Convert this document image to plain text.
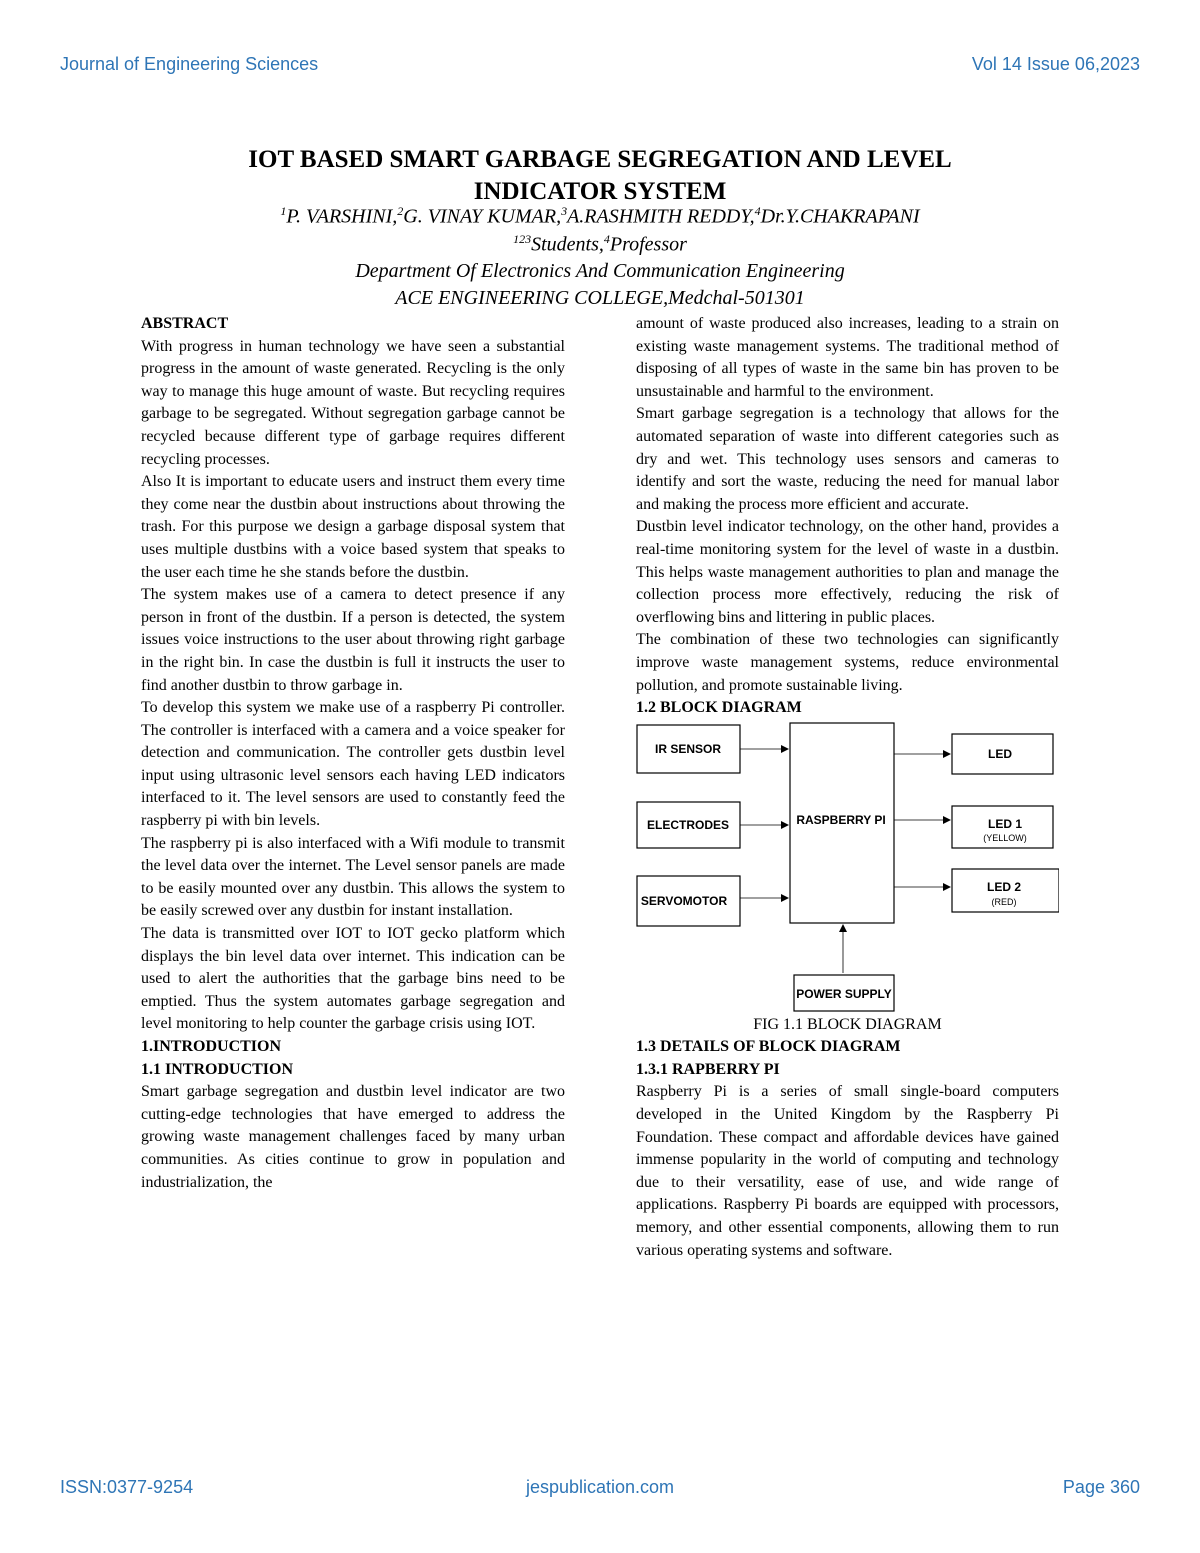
Journal of Engineering Sciences	Vol 14 Issue 06,2023
IOT BASED SMART GARBAGE SEGREGATION AND LEVEL
INDICATOR SYSTEM
$^1$P. VARSHINI,$^2$G. VINAY KUMAR,$^3$A.RASHMITH REDDY,$^4$Dr.Y.CHAKRAPANI
$^{123}$Students,$^4$Professor
Department Of Electronics And Communication Engineering
ACE ENGINEERING COLLEGE,Medchal-501301
ABSTRACT

With progress in human technology we have seen a substantial progress in the amount of waste generated. Recycling is the only way to manage this huge amount of waste. But recycling requires garbage to be segregated. Without segregation garbage cannot be recycled because different type of garbage requires different recycling processes.

Also It is important to educate users and instruct them every time they come near the dustbin about instructions about throwing the trash. For this purpose we design a garbage disposal system that uses multiple dustbins with a voice based system that speaks to the user each time he she stands before the dustbin.

The system makes use of a camera to detect presence if any person in front of the dustbin. If a person is detected, the system issues voice instructions to the user about throwing right garbage in the right bin. In case the dustbin is full it instructs the user to find another dustbin to throw garbage in.

To develop this system we make use of a raspberry Pi controller. The controller is interfaced with a camera and a voice speaker for detection and communication. The controller gets dustbin level input using ultrasonic level sensors each having LED indicators interfaced to it. The level sensors are used to constantly feed the raspberry pi with bin levels.

The raspberry pi is also interfaced with a Wifi module to transmit the level data over the internet. The Level sensor panels are made to be easily mounted over any dustbin. This allows the system to be easily screwed over any dustbin for instant installation.

The data is transmitted over IOT to IOT gecko platform which displays the bin level data over internet. This indication can be used to alert the authorities that the garbage bins need to be emptied. Thus the system automates garbage segregation and level monitoring to help counter the garbage crisis using IOT.

1.INTRODUCTION
1.1 INTRODUCTION

Smart garbage segregation and dustbin level indicator are two cutting-edge technologies that have emerged to address the growing waste management challenges faced by many urban communities. As cities continue to grow in population and industrialization, the

amount of waste produced also increases, leading to a strain on existing waste management systems. The traditional method of disposing of all types of waste in the same bin has proven to be unsustainable and harmful to the environment.

Smart garbage segregation is a technology that allows for the automated separation of waste into different categories such as dry and wet. This technology uses sensors and cameras to identify and sort the waste, reducing the need for manual labor and making the process more efficient and accurate.

Dustbin level indicator technology, on the other hand, provides a real-time monitoring system for the level of waste in a dustbin. This helps waste management authorities to plan and manage the collection process more effectively, reducing the risk of overflowing bins and littering in public places.

The combination of these two technologies can significantly improve waste management systems, reduce environmental pollution, and promote sustainable living.

1.2 BLOCK DIAGRAM
IR SENSOR
ELECTRODES
SERVOMOTOR
RASPBERRY PI
LED
LED 1
(YELLOW)
LED 2
(RED)
POWER SUPPLY

FIG 1.1 BLOCK DIAGRAM

1.3 DETAILS OF BLOCK DIAGRAM
1.3.1 RAPBERRY PI

Raspberry Pi is a series of small single-board computers developed in the United Kingdom by the Raspberry Pi Foundation. These compact and affordable devices have gained immense popularity in the world of computing and technology due to their versatility, ease of use, and wide range of applications. Raspberry Pi boards are equipped with processors, memory, and other essential components, allowing them to run various operating systems and software.

ISSN:0377-9254	jespublication.com	Page 360
